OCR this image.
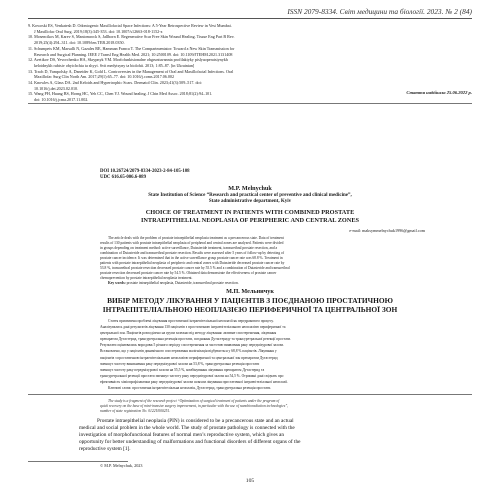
ISSN 2079-8334. Світ медицини та біології. 2023. № 2 (84)
9. Kowoski ES, Venkatesh D. Odontogenic Maxillofacial Space Infections: A 5-Year Retrospective Review in Vest Mumbai.
J Maxillofac Oral Surg. 2019;18(3):345-353. doi: 10.1007/s12663-018-1152-x
10. Mosencikos M, Karev S, Maniomrock S, Jallborn E. Regenerative Scar Free Skin Wound Healing. Tissue Eng Part B Rev.
2019;25(4):294–311. doi: 10.1089/ten.TEB.2018.0350.
11. Schumpets KM, Marsalli N, Gazales RE, Hamman Franca T. The Compartmentator: Toward a New Skin Transmission for
Research and Surgical Planning. IEEE J Transl Eng Health Med. 2021; 10:2500109. doi: 10.1109/JTEHM.2021.3131408
12. Avetikov DS, Yevorchenko HA, Skrypnyk VM. Morfofunktsionalne obgruntuvannia profilaktyky pislyaoperatsiynykh
keloidnykh rubtsiv obyichchia ta shyyi. Svit medytsyny ta biolohii. 2013; 1:85–87. [in Ukrainian]
13. Trach D, Yampolsky A, Dzneider K, Gold L. Controversies in the Management of Oral and Maxillofacial Infections. Oral
Maxillofac Surg Clin North Am. 2017;29(1):65–77. doi: 10.1016/j.coms.2017.06.002
14. Knowles A, Glass DA. 2nd Keloids and Hypertrophic Scars. Dermatol Clin. 2023;41(3):509–517. doi:
10.1016/j.det.2023.02.010.
15. Wang PH, Huang BS, Horng HC, Yeh CC, Chen YJ. Wound healing. J Chin Med Assoc. 2018;81(2):94–101.
doi: 10.1016/j.jcma.2017.11.002.
Стаття надійшла 25.06.2022 р.
DOI 10.26724/2079-8334-2023-2-84-105-108
UDC 616.65-006.6-089
M.P. Melnychuk
State Institution of Science “Research and practical center of preventive and clinical medicine”,
State administrative department, Kyiv
CHOICE OF TREATMENT IN PATIENTS WITH COMBINED PROSTATE
INTRAEPITHELIAL NEOPLASIA OF PERIPHERIC AND CENTRAL ZONES
e-mail: maksymmelnychuk1996@gmail.com
The article deals with the problem of prostate intraepithelial neoplasia treatment as a precancerous state. Data of treatment
results of 130 patients with prostate intraepithelial neoplasia of peripheral and central zones are analyzed. Patients were divided
in groups depending on treatment method: active surveillance, Dutasteride treatment, transurethral prostate resection, and a
combination of Dutasteride and transurethral prostate resection. Results were assessed after 5 years of follow-up by detecting of
prostate cancer incidence. It was determined that in the active surveillance group prostate cancer rate was 68.8 %. Treatment in
patients with prostate intraepithelial neoplasia of peripheric and central zones with Dutasteride decreased prostate cancer rate by
53.8 %, transurethral prostate resection decreased prostate cancer rate by 55.5 % and a combination of Dutasteride and transurethral
prostate resection decreased prostate cancer rate by 54.5 %. Obtained data demonstrate the effectiveness of prostate cancer
chemoprevention by prostate intraepithelial neoplasia treatment.
Key words: prostate intraepithelial neoplasia, Dutasteride, transurethral prostate resection.
М.П. Мельничук
ВИБІР МЕТОДУ ЛІКУВАННЯ У ПАЦІЄНТІВ З ПОЄДНАНОЮ ПРОСТАТИЧНОЮ
ІНТРАЕПІТЕЛІАЛЬНОЮ НЕОПЛАЗІЄЮ ПЕРИФЕРИЧНОЇ ТА ЦЕНТРАЛЬНОЇ ЗОН
Стаття присвячена проблемі лікування простатичної інтраепітеліальної неоплазії як передракового процесу.
Аналізувались дані результатів лікування 130 пацієнтів з простатичною інтраепітеліальною неоплазією периферичної та
центральної зон. Пацієнтів розподілено на групи залежно від методу лікування: активне спостереження, лікування
препаратом Дутастерид, трансуретральна резекція простати, поєднання Дутастериду та трансуретральної резекції простати.
Результати оцінювались впродовж 5 річного періоду спостереження за частотою виявлення раку передміхурової залози.
Встановлено, що у пацієнтів динамічного спостереження малігнізація відбувається у 68,8 % пацієнтів. Лікування у
пацієнтів з простатичною інтраепітеліальною неоплазією периферичної та центральної зон препаратом Дутастерид
зменшує частоту виникнення раку передміхурової залози на 53,8 %, трансуретральна резекція простати
зменшує частоту раку передміхурової залози на 55,5 %, комбінування лікування препаратом Дутастерид та
трансуретральної резекції простати зменшує частоту раку передміхурової залози на 54,5 %. Отримані дані свідчать про
ефективність хіміопрофілактики раку передміхурової залози шляхом лікування простатичної інтраепітеліальної неоплазії.
Ключові слова: простатична інтраепітеліальна неоплазія, Дутастерид, трансуретральна резекція простати.
The study is a fragment of the research project “Optimization of surgical treatment of patients under the program of
quick recovery on the base of mini-invasive surgery improvement, in particular with the use of nanobioradiation technologies”,
number of state registration No. 0122U000251.
Prostate intraepithelial neoplasia (PIN) is considered to be a precancerous state and an actual
medical and social problem in the whole world. The study of prostate pathology is connected with the
investigation of morphofunctional features of normal men’s reproductive system, which gives an
opportunity for better understanding of malformations and functional disorders of different organs of the
reproductive system [1].
© M.P. Melnychuk, 2023
105
